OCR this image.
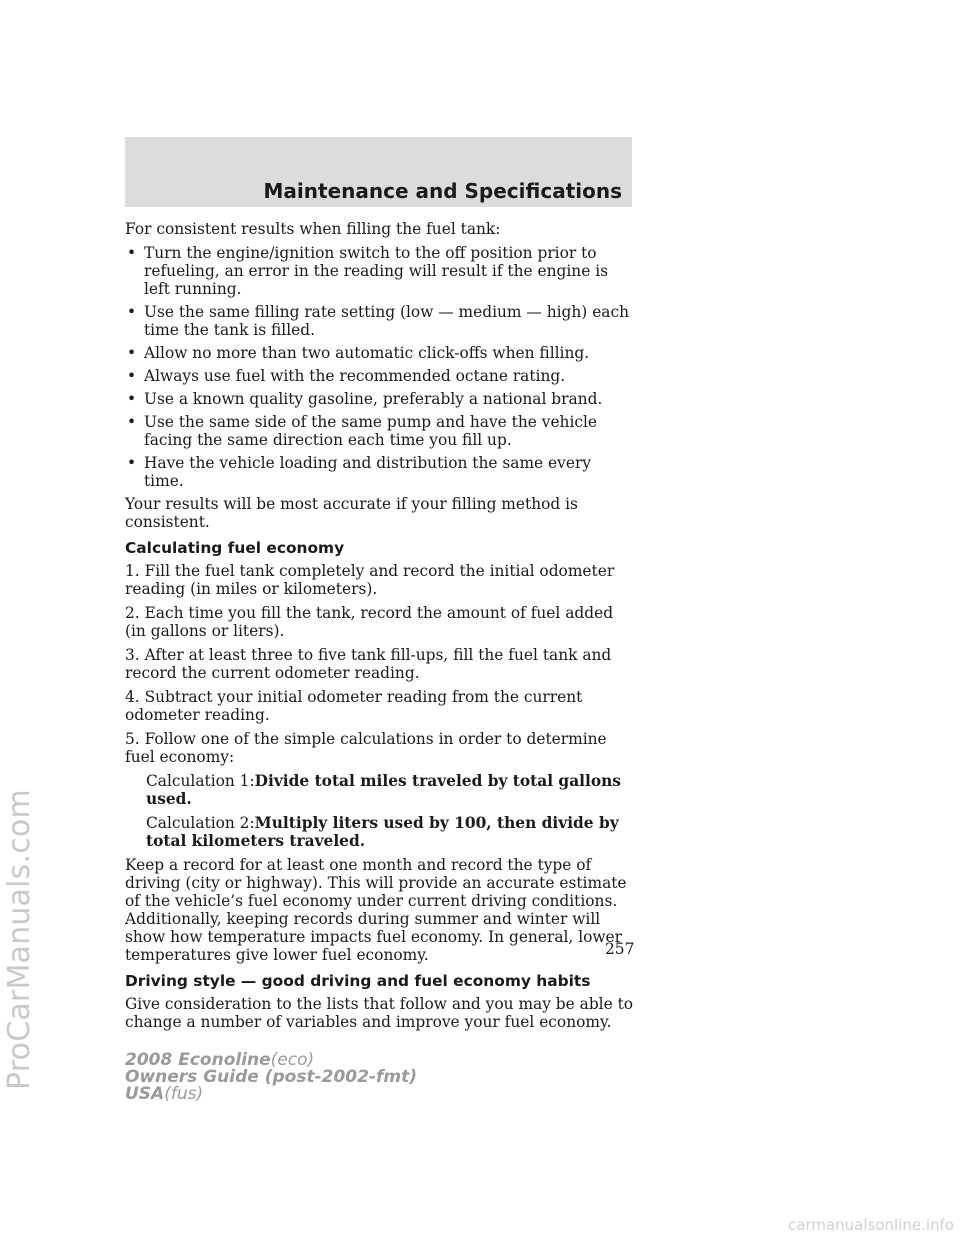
ProCarManuals.com
Maintenance and Specifications

For consistent results when filling the fuel tank:

• Turn the engine/ignition switch to the off position prior to refueling, an error in the reading will result if the engine is left running.
• Use the same filling rate setting (low — medium — high) each time the tank is filled.
• Allow no more than two automatic click-offs when filling.
• Always use fuel with the recommended octane rating.
• Use a known quality gasoline, preferably a national brand.
• Use the same side of the same pump and have the vehicle facing the same direction each time you fill up.
• Have the vehicle loading and distribution the same every time.

Your results will be most accurate if your filling method is consistent.

Calculating fuel economy

1. Fill the fuel tank completely and record the initial odometer reading (in miles or kilometers).

2. Each time you fill the tank, record the amount of fuel added (in gallons or liters).

3. After at least three to five tank fill-ups, fill the fuel tank and record the current odometer reading.

4. Subtract your initial odometer reading from the current odometer reading.

5. Follow one of the simple calculations in order to determine fuel economy:

Calculation 1:Divide total miles traveled by total gallons used.

Calculation 2:Multiply liters used by 100, then divide by total kilometers traveled.

Keep a record for at least one month and record the type of driving (city or highway). This will provide an accurate estimate of the vehicle’s fuel economy under current driving conditions. Additionally, keeping records during summer and winter will show how temperature impacts fuel economy. In general, lower temperatures give lower fuel economy.

Driving style — good driving and fuel economy habits

Give consideration to the lists that follow and you may be able to change a number of variables and improve your fuel economy.

257
2008 Econoline(eco)
Owners Guide (post-2002-fmt)
USA(fus)
carmanualsonline.info
